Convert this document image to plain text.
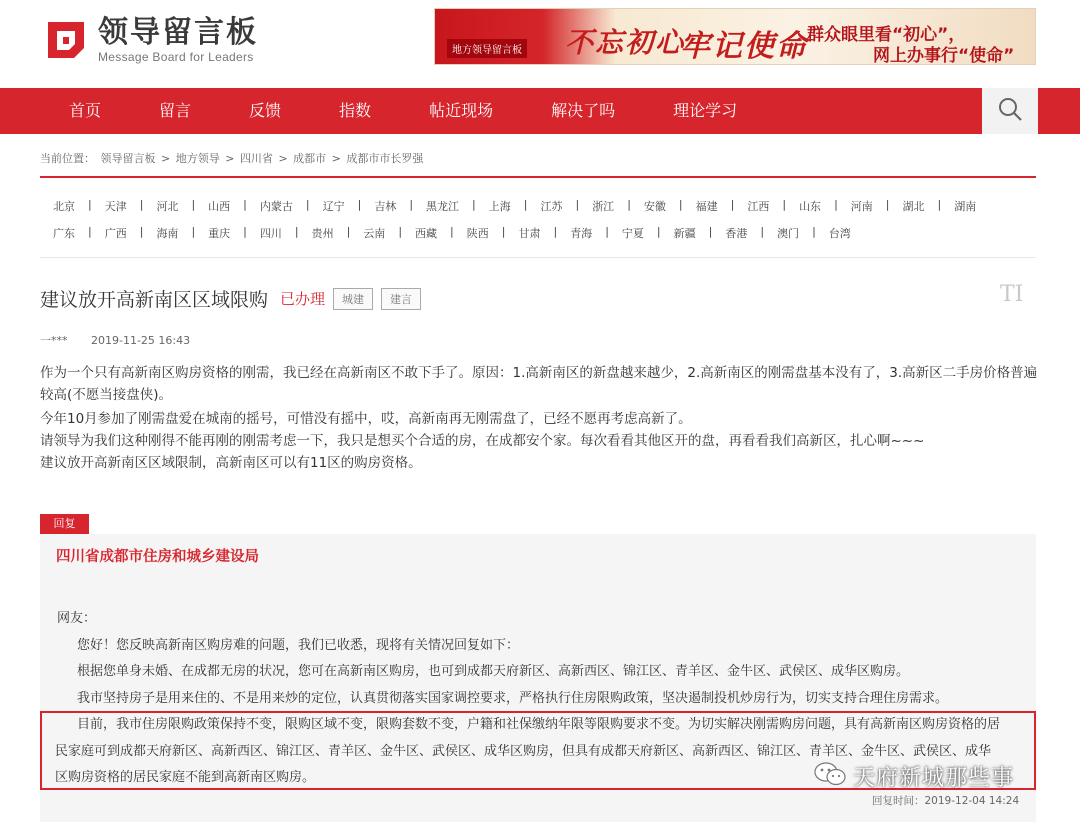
领导留言板
Message Board for Leaders	地方领导留言板 不忘初心
牢记使命 群众眼里看“初心”，
网上办事行“使命”
首页	留言	反馈	指数	帖近现场	解决了吗	理论学习
当前位置： 领导留言板 > 地方领导 > 四川省 > 成都市 > 成都市市长罗强
北京	|	天津	|	河北	|	山西	|	内蒙古	|	辽宁	|	吉林	|	黑龙江	|	上海	|	江苏	|	浙江	|	安徽	|	福建	|	江西	|	山东	|	河南	|	湖北	|	湖南
广东	|	广西	|	海南	|	重庆	|	四川	|	贵州	|	云南	|	西藏	|	陕西	|	甘肃	|	青海	|	宁夏	|	新疆	|	香港	|	澳门	|	台湾
建议放开高新南区区域限购 已办理	城建	建言	TI
一*** 2019-11-25 16:43

作为一个只有高新南区购房资格的刚需，我已经在高新南区不敢下手了。原因：1.高新南区的新盘越来越少，2.高新南区的刚需盘基本没有了，3.高新区二手房价格普遍较高(不愿当接盘侠)。

今年10月参加了刚需盘爱在城南的摇号，可惜没有摇中，哎，高新南再无刚需盘了，已经不愿再考虑高新了。

请领导为我们这种刚得不能再刚的刚需考虑一下，我只是想买个合适的房，在成都安个家。每次看看其他区开的盘，再看看我们高新区，扎心啊~~~

建议放开高新南区区域限制，高新南区可以有11区的购房资格。

回复
四川省成都市住房和城乡建设局
网友：
您好！您反映高新南区购房难的问题，我们已收悉，现将有关情况回复如下：
根据您单身未婚、在成都无房的状况，您可在高新南区购房，也可到成都天府新区、高新西区、锦江区、青羊区、金牛区、武侯区、成华区购房。
我市坚持房子是用来住的、不是用来炒的定位，认真贯彻落实国家调控要求，严格执行住房限购政策，坚决遏制投机炒房行为，切实支持合理住房需求。
目前，我市住房限购政策保持不变，限购区域不变，限购套数不变，户籍和社保缴纳年限等限购要求不变。为切实解决刚需购房问题，具有高新南区购房资格的居
民家庭可到成都天府新区、高新西区、锦江区、青羊区、金牛区、武侯区、成华区购房，但具有成都天府新区、高新西区、锦江区、青羊区、金牛区、武侯区、成华
区购房资格的居民家庭不能到高新南区购房。
回复时间：2019-12-04 14:24
天府新城那些事
